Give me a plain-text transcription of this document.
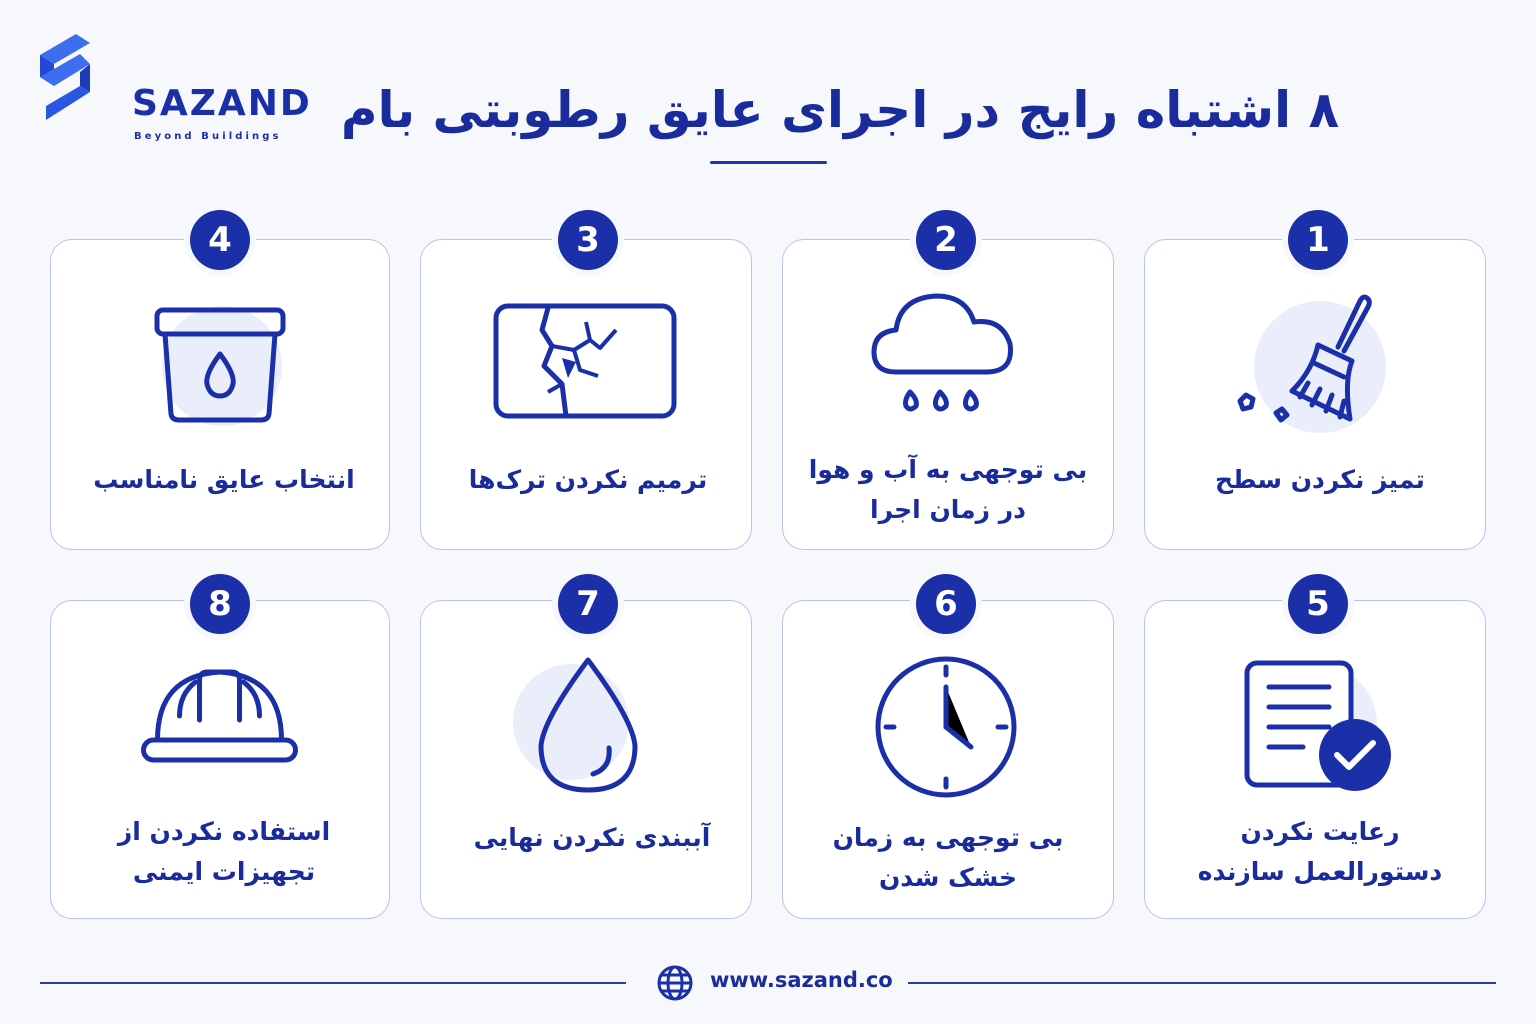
SAZAND
Beyond Buildings ۸ اشتباه رایج در اجرای عایق رطوبتی بام
1
2
3
4
5
6
7
8
تمیز نکردن سطح
بی توجهی به آب و هوا
در زمان اجرا
ترمیم نکردن ترک‌ها
انتخاب عایق نامناسب
رعایت نکردن
دستورالعمل سازنده
بی توجهی به زمان
خشک شدن
آببندی نکردن نهایی
استفاده نکردن از
تجهیزات ایمنی
www.sazand.co
